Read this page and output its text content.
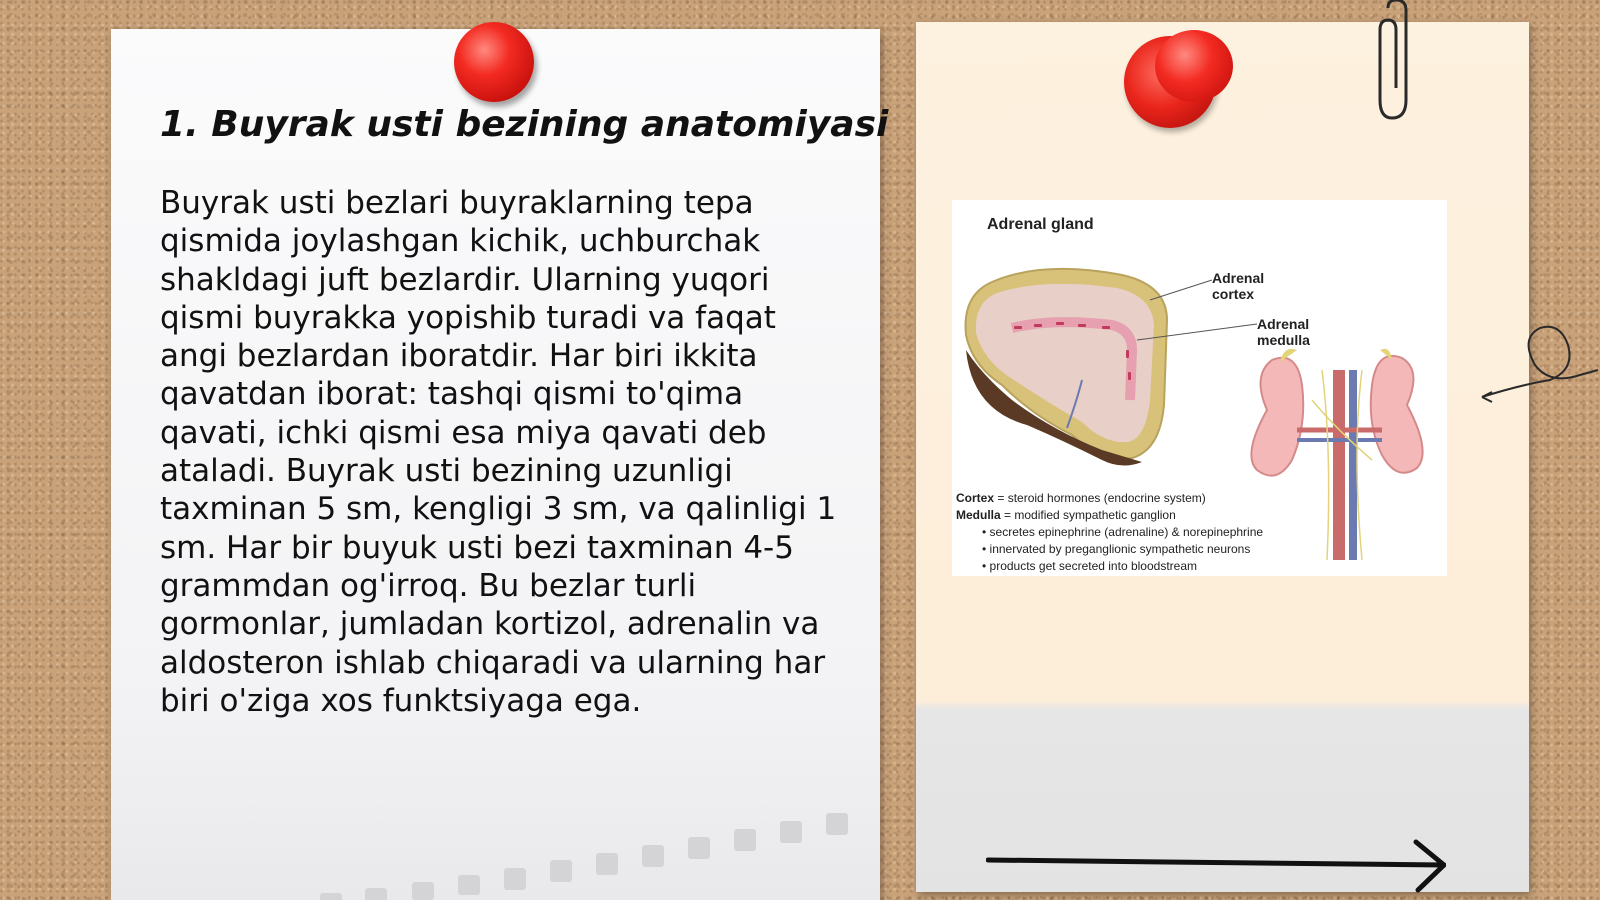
1. Buyrak usti bezining anatomiyasi

Buyrak usti bezlari buyraklarning tepa qismida joylashgan kichik, uchburchak shakldagi juft bezlardir. Ularning yuqori qismi buyrakka yopishib turadi va faqat angi bezlardan iboratdir. Har biri ikkita qavatdan iborat: tashqi qismi to'qima qavati, ichki qismi esa miya qavati deb ataladi. Buyrak usti bezining uzunligi taxminan 5 sm, kengligi 3 sm, va qalinligi 1 sm. Har bir buyuk usti bezi taxminan 4-5 grammdan og'irroq. Bu bezlar turli gormonlar, jumladan kortizol, adrenalin va aldosteron ishlab chiqaradi va ularning har biri o'ziga xos funktsiyaga ega.

Adrenal gland

Adrenal cortex

Adrenal medulla

Cortex = steroid hormones (endocrine system)
Medulla = modified sympathetic ganglion
• secretes epinephrine (adrenaline) & norepinephrine
• innervated by preganglionic sympathetic neurons
• products get secreted into bloodstream
